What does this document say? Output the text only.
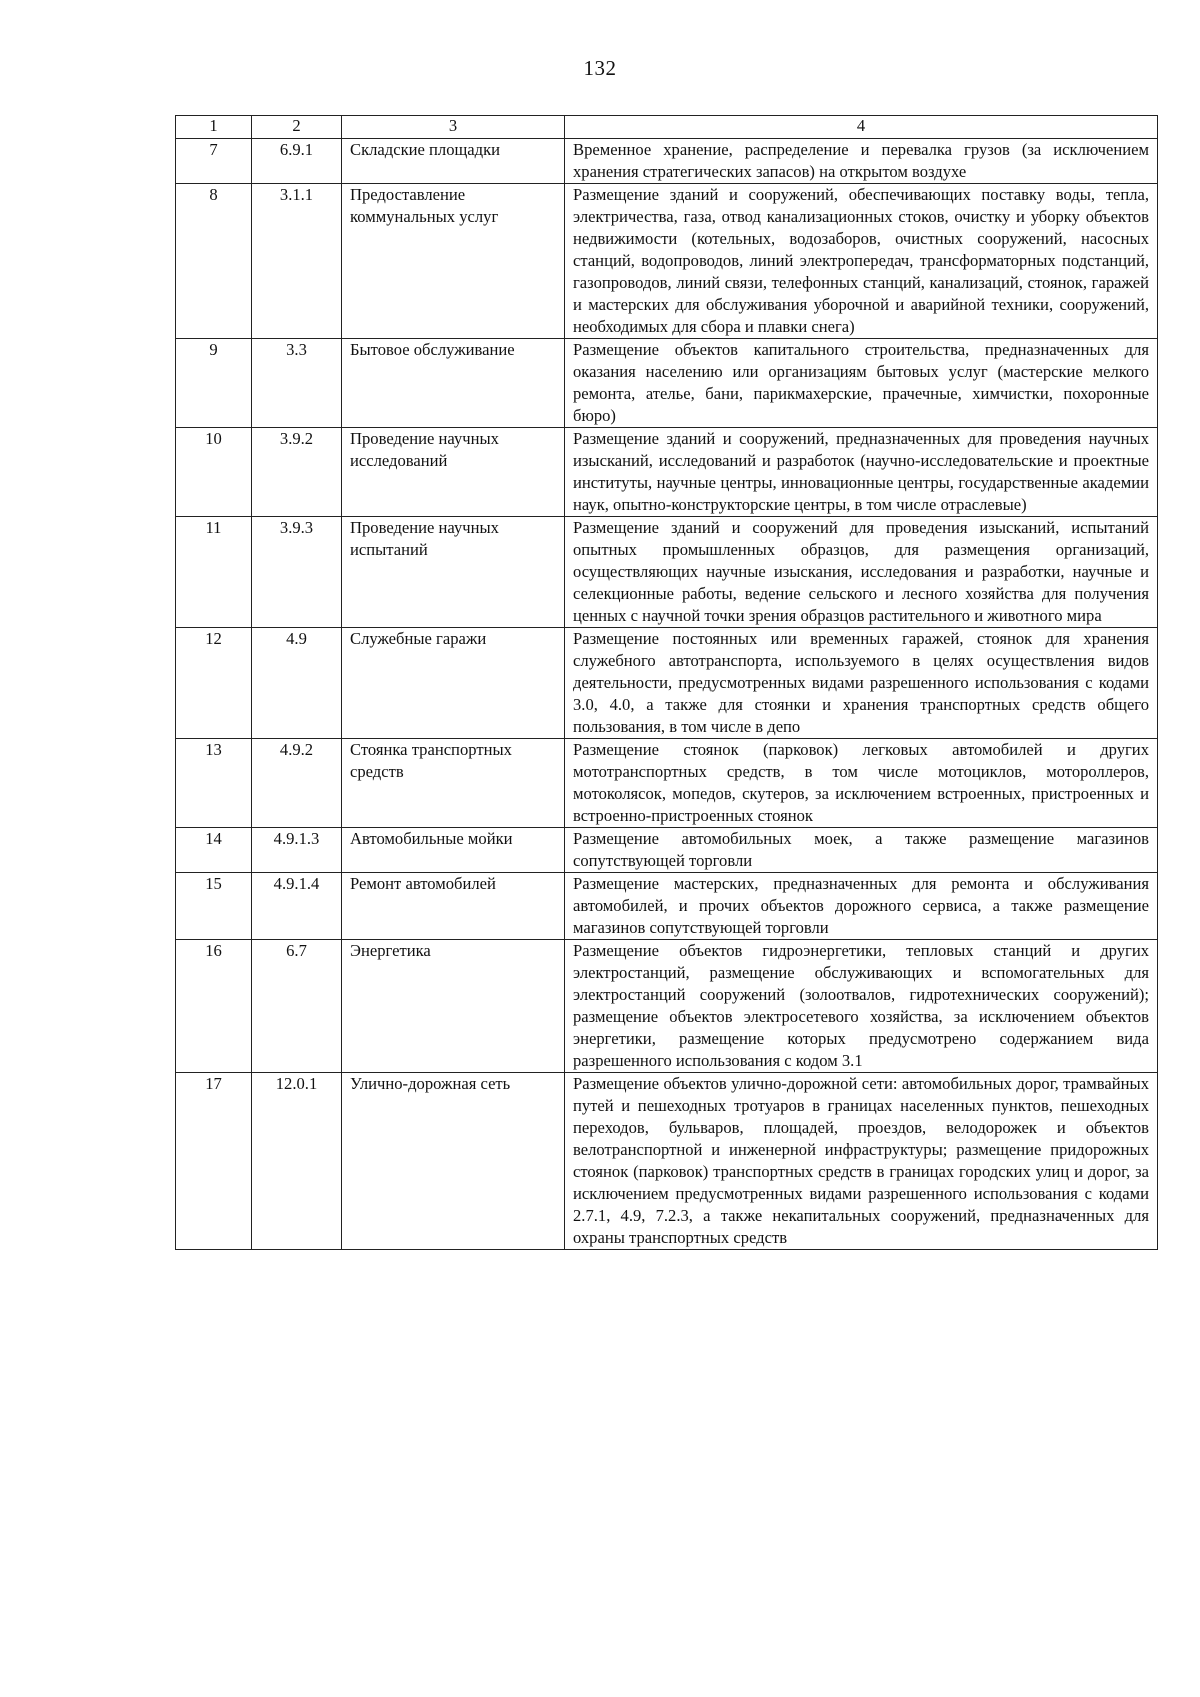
132
1	2	3	4
7	6.9.1	Складские площадки	Временное хранение, распределение и перевалка грузов (за исключением хранения стратегических запасов) на открытом воздухе
8	3.1.1	Предоставление коммунальных услуг	Размещение зданий и сооружений, обеспечивающих поставку воды, тепла, электричества, газа, отвод канализационных стоков, очистку и уборку объектов недвижимости (котельных, водозаборов, очистных сооружений, насосных станций, водопроводов, линий электропередач, трансформаторных подстанций, газопроводов, линий связи, телефонных станций, канализаций, стоянок, гаражей и мастерских для обслуживания уборочной и аварийной техники, сооружений, необходимых для сбора и плавки снега)
9	3.3	Бытовое обслуживание	Размещение объектов капитального строительства, предназначенных для оказания населению или организациям бытовых услуг (мастерские мелкого ремонта, ателье, бани, парикмахерские, прачечные, химчистки, похоронные бюро)
10	3.9.2	Проведение научных исследований	Размещение зданий и сооружений, предназначенных для проведения научных изысканий, исследований и разработок (научно-исследовательские и проектные институты, научные центры, инновационные центры, государственные академии наук, опытно-конструкторские центры, в том числе отраслевые)
11	3.9.3	Проведение научных испытаний	Размещение зданий и сооружений для проведения изысканий, испытаний опытных промышленных образцов, для размещения организаций, осуществляющих научные изыскания, исследования и разработки, научные и селекционные работы, ведение сельского и лесного хозяйства для получения ценных с научной точки зрения образцов растительного и животного мира
12	4.9	Служебные гаражи	Размещение постоянных или временных гаражей, стоянок для хранения служебного автотранспорта, используемого в целях осуществления видов деятельности, предусмотренных видами разрешенного использования с кодами 3.0, 4.0, а также для стоянки и хранения транспортных средств общего пользования, в том числе в депо
13	4.9.2	Стоянка транспортных средств	Размещение стоянок (парковок) легковых автомобилей и других мототранспортных средств, в том числе мотоциклов, мотороллеров, мотоколясок, мопедов, скутеров, за исключением встроенных, пристроенных и встроенно-пристроенных стоянок
14	4.9.1.3	Автомобильные мойки	Размещение автомобильных моек, а также размещение магазинов сопутствующей торговли
15	4.9.1.4	Ремонт автомобилей	Размещение мастерских, предназначенных для ремонта и обслуживания автомобилей, и прочих объектов дорожного сервиса, а также размещение магазинов сопутствующей торговли
16	6.7	Энергетика	Размещение объектов гидроэнергетики, тепловых станций и других электростанций, размещение обслуживающих и вспомогательных для электростанций сооружений (золоотвалов, гидротехнических сооружений); размещение объектов электросетевого хозяйства, за исключением объектов энергетики, размещение которых предусмотрено содержанием вида разрешенного использования с кодом 3.1
17	12.0.1	Улично-дорожная сеть	Размещение объектов улично-дорожной сети: автомобильных дорог, трамвайных путей и пешеходных тротуаров в границах населенных пунктов, пешеходных переходов, бульваров, площадей, проездов, велодорожек и объектов велотранспортной и инженерной инфраструктуры; размещение придорожных стоянок (парковок) транспортных средств в границах городских улиц и дорог, за исключением предусмотренных видами разрешенного использования с кодами 2.7.1, 4.9, 7.2.3, а также некапитальных сооружений, предназначенных для охраны транспортных средств
